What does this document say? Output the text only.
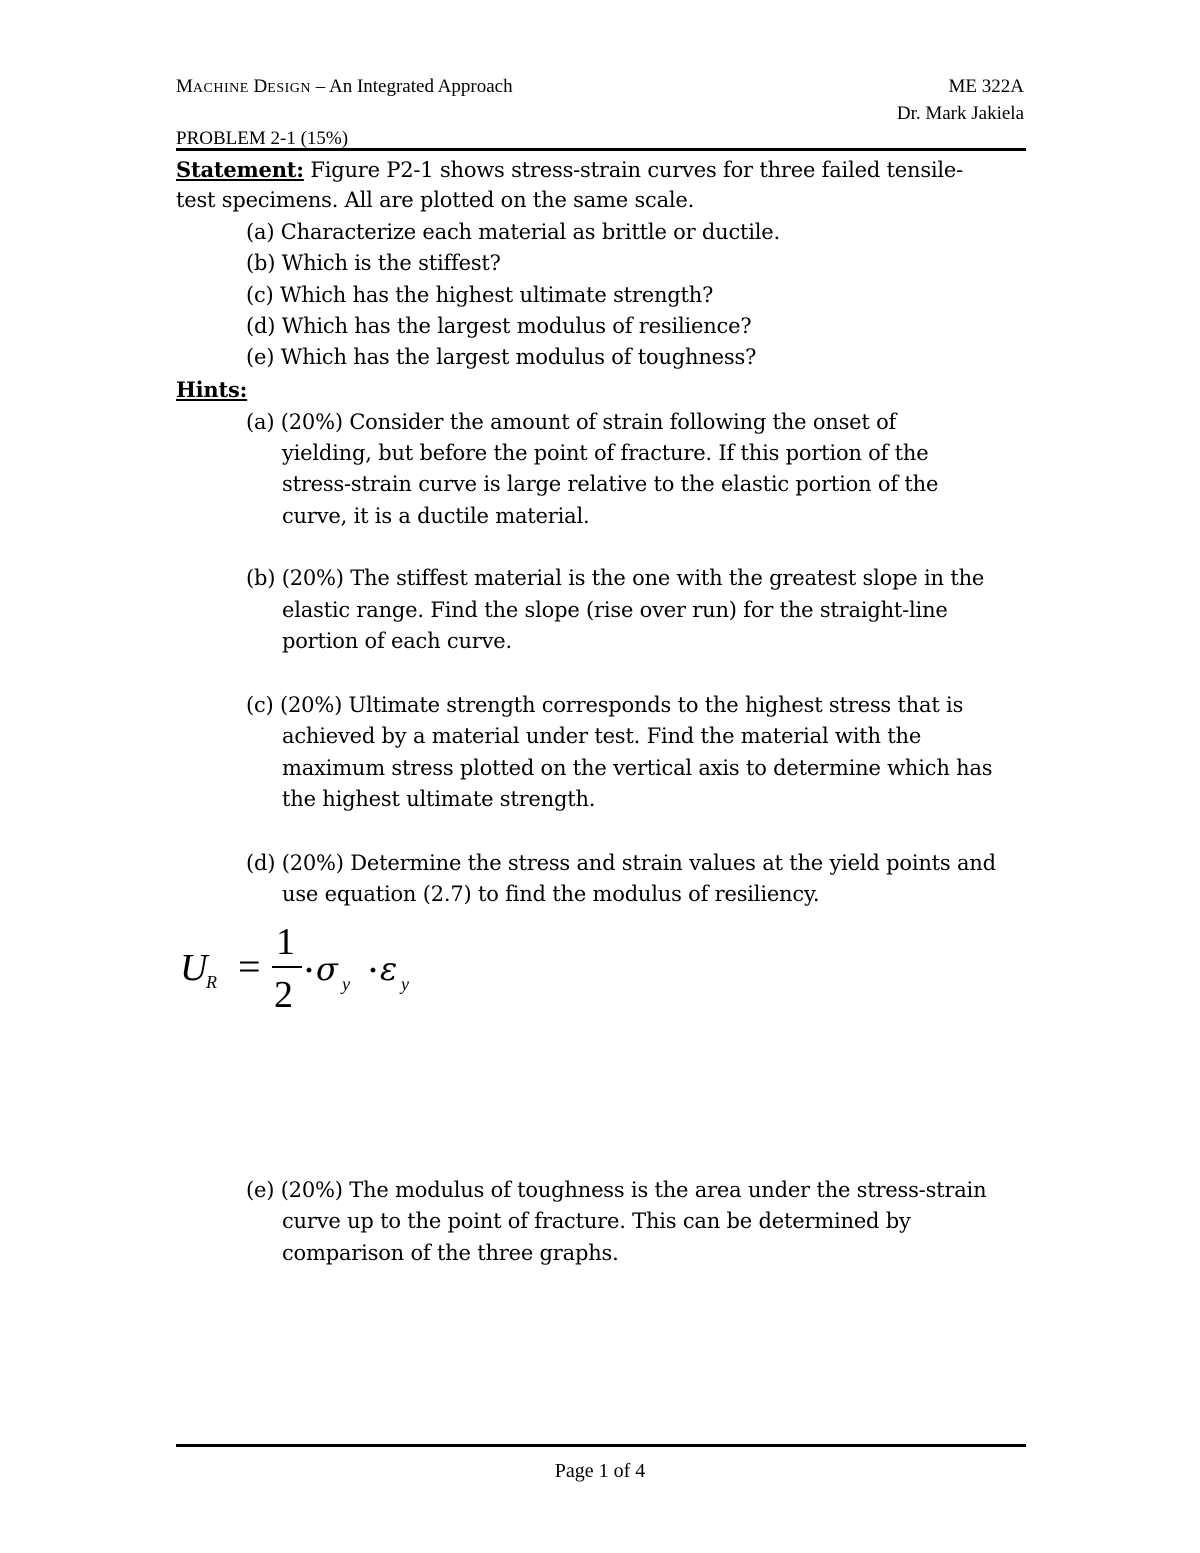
MACHINE DESIGN – An Integrated Approach	ME 322A
Dr. Mark Jakiela
PROBLEM 2-1 (15%)
Statement: Figure P2-1 shows stress-strain curves for three failed tensile-
test specimens. All are plotted on the same scale.
(a) Characterize each material as brittle or ductile.
(b) Which is the stiffest?
(c) Which has the highest ultimate strength?
(d) Which has the largest modulus of resilience?
(e) Which has the largest modulus of toughness?
Hints:
(a) (20%) Consider the amount of strain following the onset of
yielding, but before the point of fracture. If this portion of the
stress-strain curve is large relative to the elastic portion of the
curve, it is a ductile material.
(b) (20%) The stiffest material is the one with the greatest slope in the
elastic range. Find the slope (rise over run) for the straight-line
portion of each curve.
(c) (20%) Ultimate strength corresponds to the highest stress that is
achieved by a material under test. Find the material with the
maximum stress plotted on the vertical axis to determine which has
the highest ultimate strength.
(d) (20%) Determine the stress and strain values at the yield points and
use equation (2.7) to find the modulus of resiliency.
U
R =
1
2
· σ y · ε y
(e) (20%) The modulus of toughness is the area under the stress-strain
curve up to the point of fracture. This can be determined by
comparison of the three graphs.
Page 1 of 4
